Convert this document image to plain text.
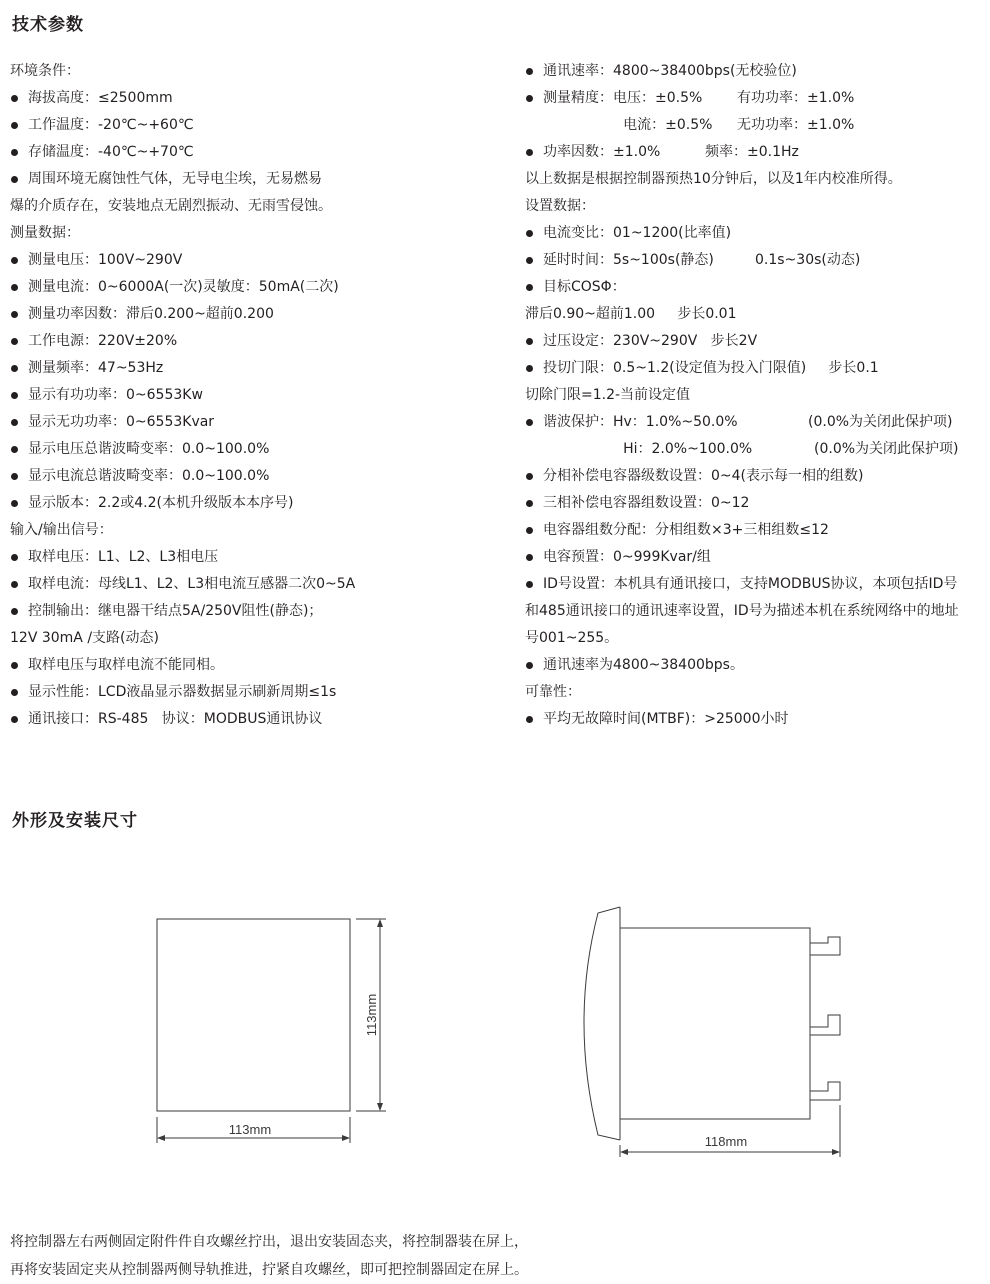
技术参数
环境条件：
海拔高度：≤2500mm
工作温度：-20℃~+60℃
存储温度：-40℃~+70℃
周围环境无腐蚀性气体，无导电尘埃，无易燃易
爆的介质存在，安装地点无剧烈振动、无雨雪侵蚀。
测量数据：
测量电压：100V~290V
测量电流：0~6000A(一次)灵敏度：50mA(二次)
测量功率因数：滞后0.200~超前0.200
工作电源：220V±20%
测量频率：47~53Hz
显示有功功率：0~6553Kw
显示无功功率：0~6553Kvar
显示电压总谐波畸变率：0.0~100.0%
显示电流总谐波畸变率：0.0~100.0%
显示版本：2.2或4.2(本机升级版本本序号)
输入/输出信号：
取样电压：L1、L2、L3相电压
取样电流：母线L1、L2、L3相电流互感器二次0~5A
控制输出：继电器干结点5A/250V阻性(静态)；
12V 30mA /支路(动态)
取样电压与取样电流不能同相。
显示性能：LCD液晶显示器数据显示刷新周期≤1s
通讯接口：RS-485   协议：MODBUS通讯协议
通讯速率：4800~38400bps(无校验位)
测量精度：电压：±0.5% 有功功率：±1.0%
电流：±0.5% 无功功率：±1.0%
功率因数：±1.0%	频率：±0.1Hz
以上数据是根据控制器预热10分钟后，以及1年内校准所得。
设置数据：
电流变比：01~1200(比率值)
延时时间：5s~100s(静态)	0.1s~30s(动态)
目标COSΦ：
滞后0.90~超前1.00     步长0.01
过压设定：230V~290V   步长2V
投切门限：0.5~1.2(设定值为投入门限值)     步长0.1
切除门限=1.2-当前设定值
谐波保护：Hv：1.0%~50.0%	(0.0%为关闭此保护项)
Hi：2.0%~100.0%	(0.0%为关闭此保护项)
分相补偿电容器级数设置：0~4(表示每一相的组数)
三相补偿电容器组数设置：0~12
电容器组数分配：分相组数×3+三相组数≤12
电容预置：0~999Kvar/组
ID号设置：本机具有通讯接口，支持MODBUS协议，本项包括ID号
和485通讯接口的通讯速率设置，ID号为描述本机在系统网络中的地址
号001~255。
通讯速率为4800~38400bps。
可靠性：
平均无故障时间(MTBF)：>25000小时
外形及安装尺寸
113mm
113mm
118mm
将控制器左右两侧固定附件件自攻螺丝拧出，退出安装固态夹，将控制器装在屏上，
再将安装固定夹从控制器两侧导轨推进，拧紧自攻螺丝，即可把控制器固定在屏上。
